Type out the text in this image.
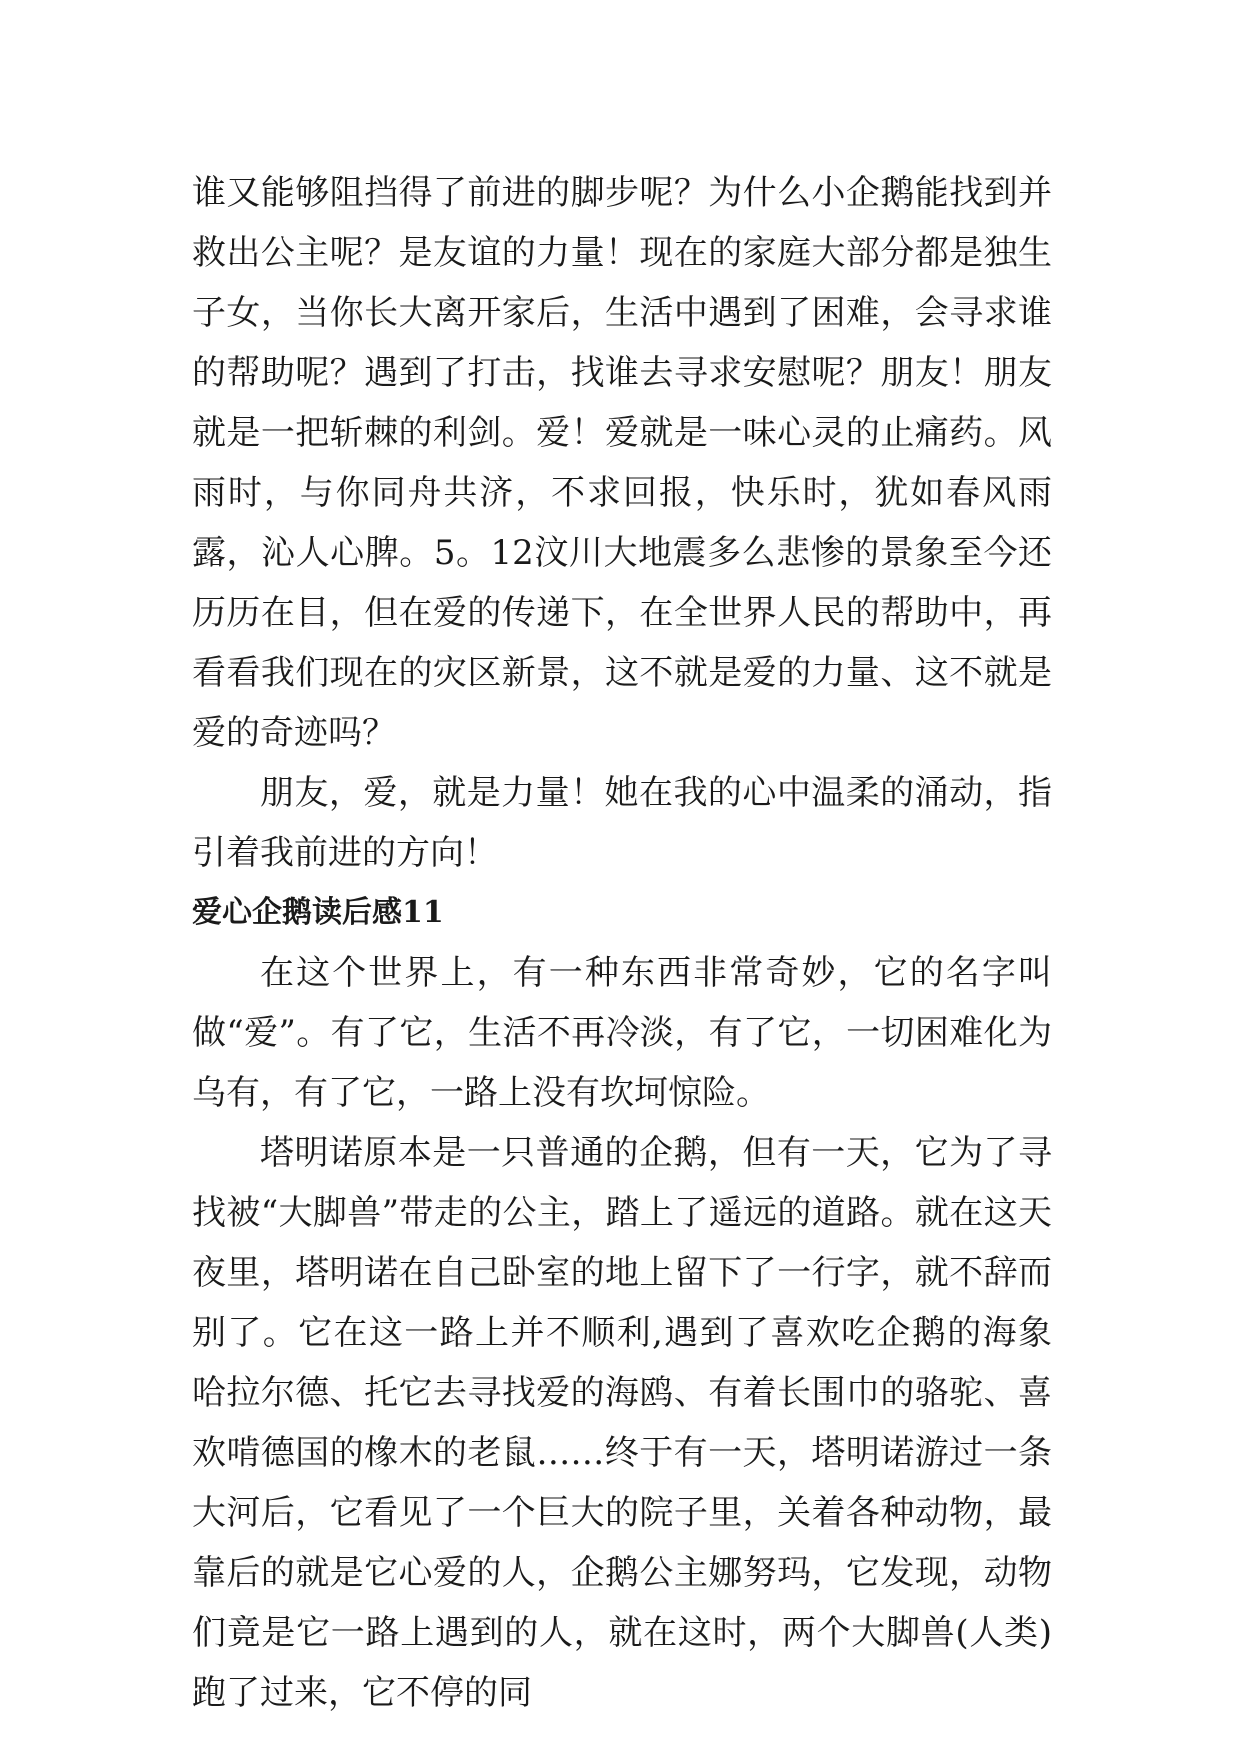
谁又能够阻挡得了前进的脚步呢？为什么小企鹅能找到并救出公主呢？是友谊的力量！现在的家庭大部分都是独生子女，当你长大离开家后，生活中遇到了困难，会寻求谁的帮助呢？遇到了打击，找谁去寻求安慰呢？朋友！朋友就是一把斩棘的利剑。爱！爱就是一味心灵的止痛药。风雨时，与你同舟共济，不求回报，快乐时，犹如春风雨露，沁人心脾。5。12汶川大地震多么悲惨的景象至今还历历在目，但在爱的传递下，在全世界人民的帮助中，再看看我们现在的灾区新景，这不就是爱的力量、这不就是爱的奇迹吗？

朋友，爱，就是力量！她在我的心中温柔的涌动，指引着我前进的方向！

爱心企鹅读后感11

在这个世界上，有一种东西非常奇妙，它的名字叫做“爱”。有了它，生活不再冷淡，有了它，一切困难化为乌有，有了它，一路上没有坎坷惊险。

塔明诺原本是一只普通的企鹅，但有一天，它为了寻找被“大脚兽”带走的公主，踏上了遥远的道路。就在这天夜里，塔明诺在自己卧室的地上留下了一行字，就不辞而别了。它在这一路上并不顺利,遇到了喜欢吃企鹅的海象哈拉尔德、托它去寻找爱的海鸥、有着长围巾的骆驼、喜欢啃德国的橡木的老鼠……终于有一天，塔明诺游过一条大河后，它看见了一个巨大的院子里，关着各种动物，最靠后的就是它心爱的人，企鹅公主娜努玛，它发现，动物们竟是它一路上遇到的人，就在这时，两个大脚兽(人类)跑了过来，它不停的同
